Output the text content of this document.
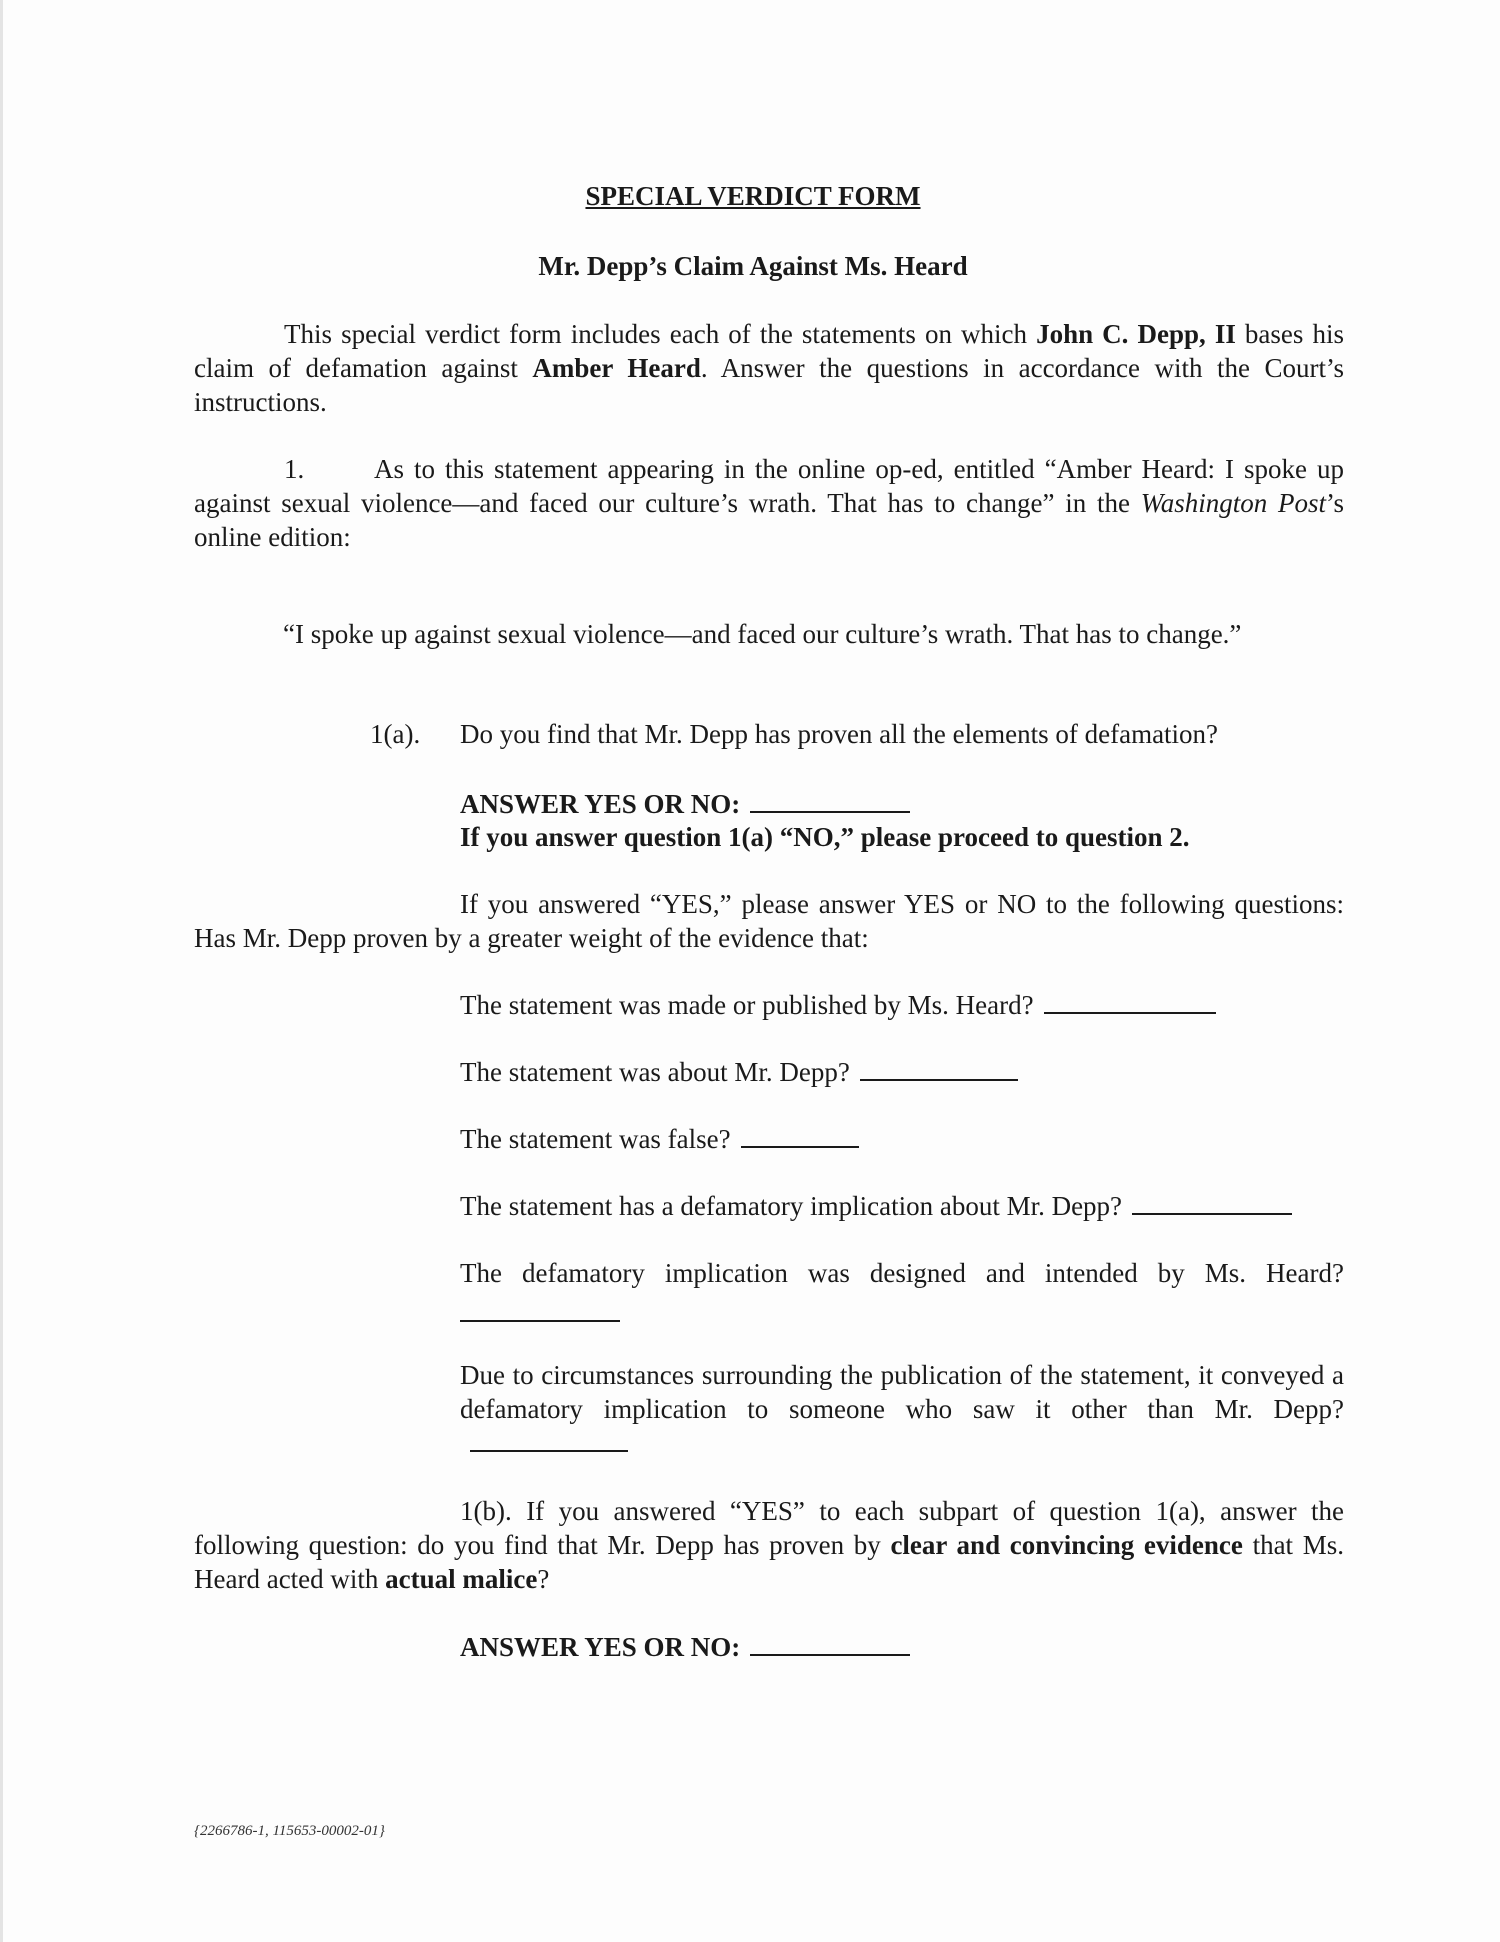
SPECIAL VERDICT FORM
Mr. Depp’s Claim Against Ms. Heard
This special verdict form includes each of the statements on which John C. Depp, II bases his claim of defamation against Amber Heard. Answer the questions in accordance with the Court’s instructions.
1.	As to this statement appearing in the online op-ed, entitled “Amber Heard: I spoke up against sexual violence—and faced our culture’s wrath. That has to change” in the Washington Post’s online edition:
“I spoke up against sexual violence—and faced our culture’s wrath. That has to change.”
1(a). Do you find that Mr. Depp has proven all the elements of defamation?
ANSWER YES OR NO:
If you answer question 1(a) “NO,” please proceed to question 2.
If you answered “YES,” please answer YES or NO to the following questions: Has Mr. Depp proven by a greater weight of the evidence that:
The statement was made or published by Ms. Heard?
The statement was about Mr. Depp?
The statement was false?
The statement has a defamatory implication about Mr. Depp?
The defamatory implication was designed and intended by Ms. Heard?
Due to circumstances surrounding the publication of the statement, it conveyed a defamatory implication to someone who saw it other than Mr. Depp?
1(b). If you answered “YES” to each subpart of question 1(a), answer the following question: do you find that Mr. Depp has proven by clear and convincing evidence that Ms. Heard acted with actual malice?
ANSWER YES OR NO:
{2266786-1, 115653-00002-01}
